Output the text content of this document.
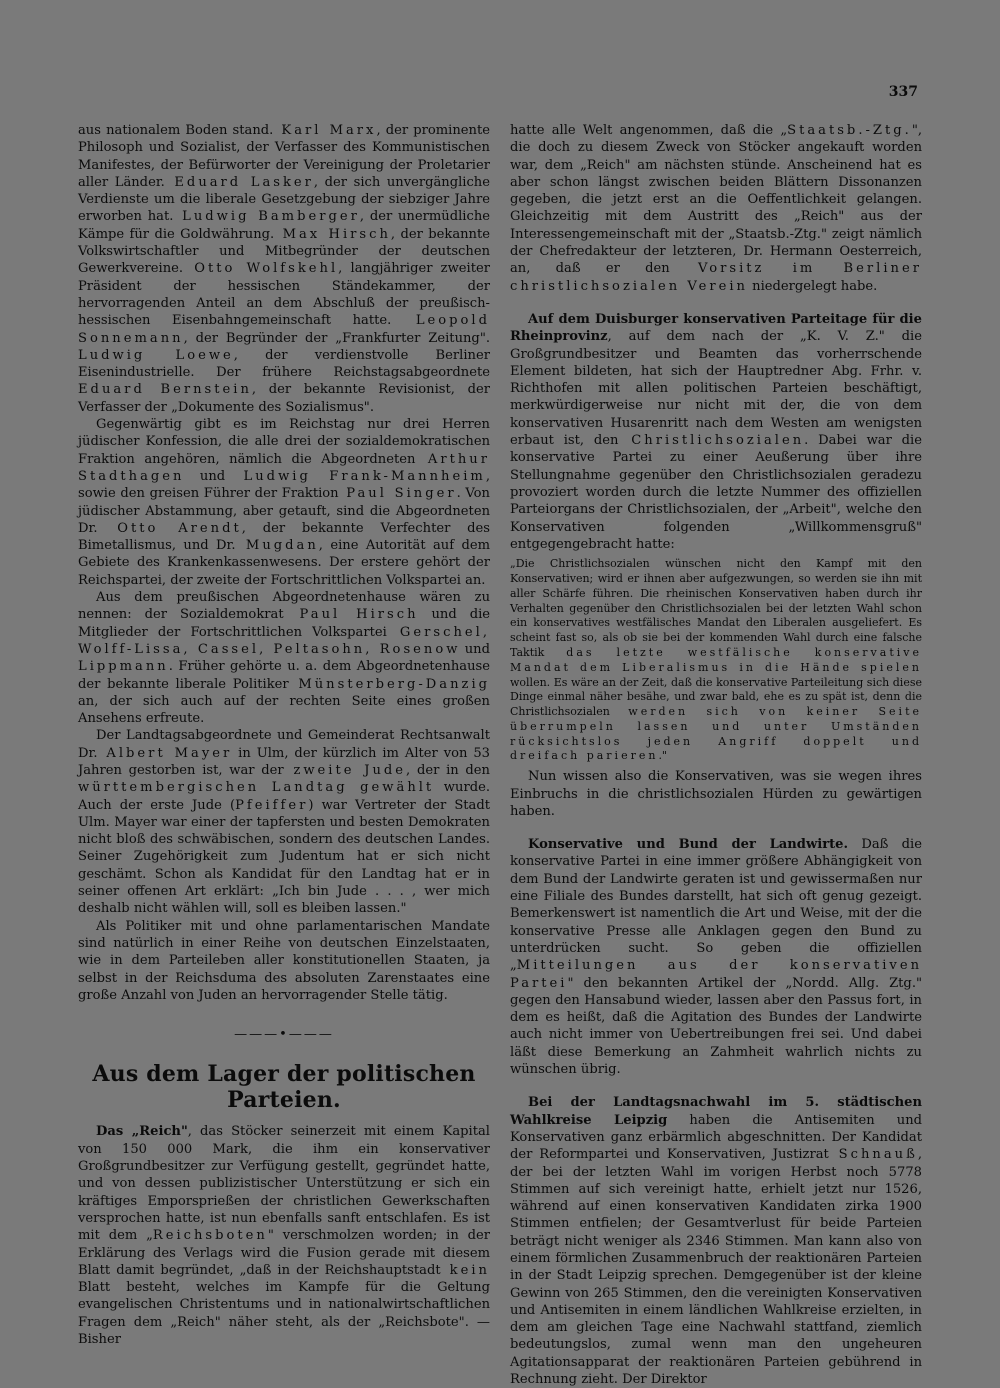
337

aus nationalem Boden stand. Karl Marx, der prominente Philosoph und Sozialist, der Verfasser des Kommunistischen Manifestes, der Befürworter der Vereinigung der Proletarier aller Länder. Eduard Lasker, der sich unvergängliche Verdienste um die liberale Gesetzgebung der siebziger Jahre erworben hat. Ludwig Bamberger, der unermüdliche Kämpe für die Goldwährung. Max Hirsch, der bekannte Volkswirtschaftler und Mitbegründer der deutschen Gewerkvereine. Otto Wolfskehl, langjähriger zweiter Präsident der hessischen Ständekammer, der hervorragenden Anteil an dem Abschluß der preußisch-hessischen Eisenbahngemeinschaft hatte. Leopold Sonnemann, der Begründer der „Frankfurter Zeitung". Ludwig Loewe, der verdienstvolle Berliner Eisenindustrielle. Der frühere Reichstagsabgeordnete Eduard Bernstein, der bekannte Revisionist, der Verfasser der „Dokumente des Sozialismus".

Gegenwärtig gibt es im Reichstag nur drei Herren jüdischer Konfession, die alle drei der sozialdemokratischen Fraktion angehören, nämlich die Abgeordneten Arthur Stadthagen und Ludwig Frank-Mannheim, sowie den greisen Führer der Fraktion Paul Singer. Von jüdischer Abstammung, aber getauft, sind die Abgeordneten Dr. Otto Arendt, der bekannte Verfechter des Bimetallismus, und Dr. Mugdan, eine Autorität auf dem Gebiete des Krankenkassenwesens. Der erstere gehört der Reichspartei, der zweite der Fortschrittlichen Volkspartei an.

Aus dem preußischen Abgeordnetenhause wären zu nennen: der Sozialdemokrat Paul Hirsch und die Mitglieder der Fortschrittlichen Volkspartei Gerschel, Wolff-Lissa, Cassel, Peltasohn, Rosenow und Lippmann. Früher gehörte u. a. dem Abgeordnetenhause der bekannte liberale Politiker Münsterberg-Danzig an, der sich auch auf der rechten Seite eines großen Ansehens erfreute.

Der Landtagsabgeordnete und Gemeinderat Rechtsanwalt Dr. Albert Mayer in Ulm, der kürzlich im Alter von 53 Jahren gestorben ist, war der zweite Jude, der in den württembergischen Landtag gewählt wurde. Auch der erste Jude (Pfeiffer) war Vertreter der Stadt Ulm. Mayer war einer der tapfersten und besten Demokraten nicht bloß des schwäbischen, sondern des deutschen Landes. Seiner Zugehörigkeit zum Judentum hat er sich nicht geschämt. Schon als Kandidat für den Landtag hat er in seiner offenen Art erklärt: „Ich bin Jude . . . , wer mich deshalb nicht wählen will, soll es bleiben lassen."

Als Politiker mit und ohne parlamentarischen Mandate sind natürlich in einer Reihe von deutschen Einzelstaaten, wie in dem Parteileben aller konstitutionellen Staaten, ja selbst in der Reichsduma des absoluten Zarenstaates eine große Anzahl von Juden an hervorragender Stelle tätig.

———•———
Aus dem Lager der politischen Parteien.

Das „Reich", das Stöcker seinerzeit mit einem Kapital von 150 000 Mark, die ihm ein konservativer Großgrundbesitzer zur Verfügung gestellt, gegründet hatte, und von dessen publizistischer Unterstützung er sich ein kräftiges Emporsprießen der christlichen Gewerkschaften versprochen hatte, ist nun ebenfalls sanft entschlafen. Es ist mit dem „Reichsboten" verschmolzen worden; in der Erklärung des Verlags wird die Fusion gerade mit diesem Blatt damit begründet, „daß in der Reichshauptstadt kein Blatt besteht, welches im Kampfe für die Geltung evangelischen Christentums und in nationalwirtschaftlichen Fragen dem „Reich" näher steht, als der „Reichsbote". — Bisher

hatte alle Welt angenommen, daß die „Staatsb.-Ztg.", die doch zu diesem Zweck von Stöcker angekauft worden war, dem „Reich" am nächsten stünde. Anscheinend hat es aber schon längst zwischen beiden Blättern Dissonanzen gegeben, die jetzt erst an die Oeffentlichkeit gelangen. Gleichzeitig mit dem Austritt des „Reich" aus der Interessengemeinschaft mit der „Staatsb.-Ztg." zeigt nämlich der Chefredakteur der letzteren, Dr. Hermann Oesterreich, an, daß er den Vorsitz im Berliner christlichsozialen Verein niedergelegt habe.

Auf dem Duisburger konservativen Parteitage für die Rheinprovinz, auf dem nach der „K. V. Z." die Großgrundbesitzer und Beamten das vorherrschende Element bildeten, hat sich der Hauptredner Abg. Frhr. v. Richthofen mit allen politischen Parteien beschäftigt, merkwürdigerweise nur nicht mit der, die von dem konservativen Husarenritt nach dem Westen am wenigsten erbaut ist, den Christlichsozialen. Dabei war die konservative Partei zu einer Aeußerung über ihre Stellungnahme gegenüber den Christlichsozialen geradezu provoziert worden durch die letzte Nummer des offiziellen Parteiorgans der Christlichsozialen, der „Arbeit", welche den Konservativen folgenden „Willkommensgruß" entgegengebracht hatte:

„Die Christlichsozialen wünschen nicht den Kampf mit den Konservativen; wird er ihnen aber aufgezwungen, so werden sie ihn mit aller Schärfe führen. Die rheinischen Konservativen haben durch ihr Verhalten gegenüber den Christlichsozialen bei der letzten Wahl schon ein konservatives westfälisches Mandat den Liberalen ausgeliefert. Es scheint fast so, als ob sie bei der kommenden Wahl durch eine falsche Taktik das letzte westfälische konservative Mandat dem Liberalismus in die Hände spielen wollen. Es wäre an der Zeit, daß die konservative Parteileitung sich diese Dinge einmal näher besähe, und zwar bald, ehe es zu spät ist, denn die Christlichsozialen werden sich von keiner Seite überrumpeln lassen und unter Umständen rücksichtslos jeden Angriff doppelt und dreifach parieren."

Nun wissen also die Konservativen, was sie wegen ihres Einbruchs in die christlichsozialen Hürden zu gewärtigen haben.

Konservative und Bund der Landwirte. Daß die konservative Partei in eine immer größere Abhängigkeit von dem Bund der Landwirte geraten ist und gewissermaßen nur eine Filiale des Bundes darstellt, hat sich oft genug gezeigt. Bemerkenswert ist namentlich die Art und Weise, mit der die konservative Presse alle Anklagen gegen den Bund zu unterdrücken sucht. So geben die offiziellen „Mitteilungen aus der konservativen Partei" den bekannten Artikel der „Nordd. Allg. Ztg." gegen den Hansabund wieder, lassen aber den Passus fort, in dem es heißt, daß die Agitation des Bundes der Landwirte auch nicht immer von Uebertreibungen frei sei. Und dabei läßt diese Bemerkung an Zahmheit wahrlich nichts zu wünschen übrig.

Bei der Landtagsnachwahl im 5. städtischen Wahlkreise Leipzig haben die Antisemiten und Konservativen ganz erbärmlich abgeschnitten. Der Kandidat der Reformpartei und Konservativen, Justizrat Schnauß, der bei der letzten Wahl im vorigen Herbst noch 5778 Stimmen auf sich vereinigt hatte, erhielt jetzt nur 1526, während auf einen konservativen Kandidaten zirka 1900 Stimmen entfielen; der Gesamtverlust für beide Parteien beträgt nicht weniger als 2346 Stimmen. Man kann also von einem förmlichen Zusammenbruch der reaktionären Parteien in der Stadt Leipzig sprechen. Demgegenüber ist der kleine Gewinn von 265 Stimmen, den die vereinigten Konservativen und Antisemiten in einem ländlichen Wahlkreise erzielten, in dem am gleichen Tage eine Nachwahl stattfand, ziemlich bedeutungslos, zumal wenn man den ungeheuren Agitationsapparat der reaktionären Parteien gebührend in Rechnung zieht. Der Direktor
